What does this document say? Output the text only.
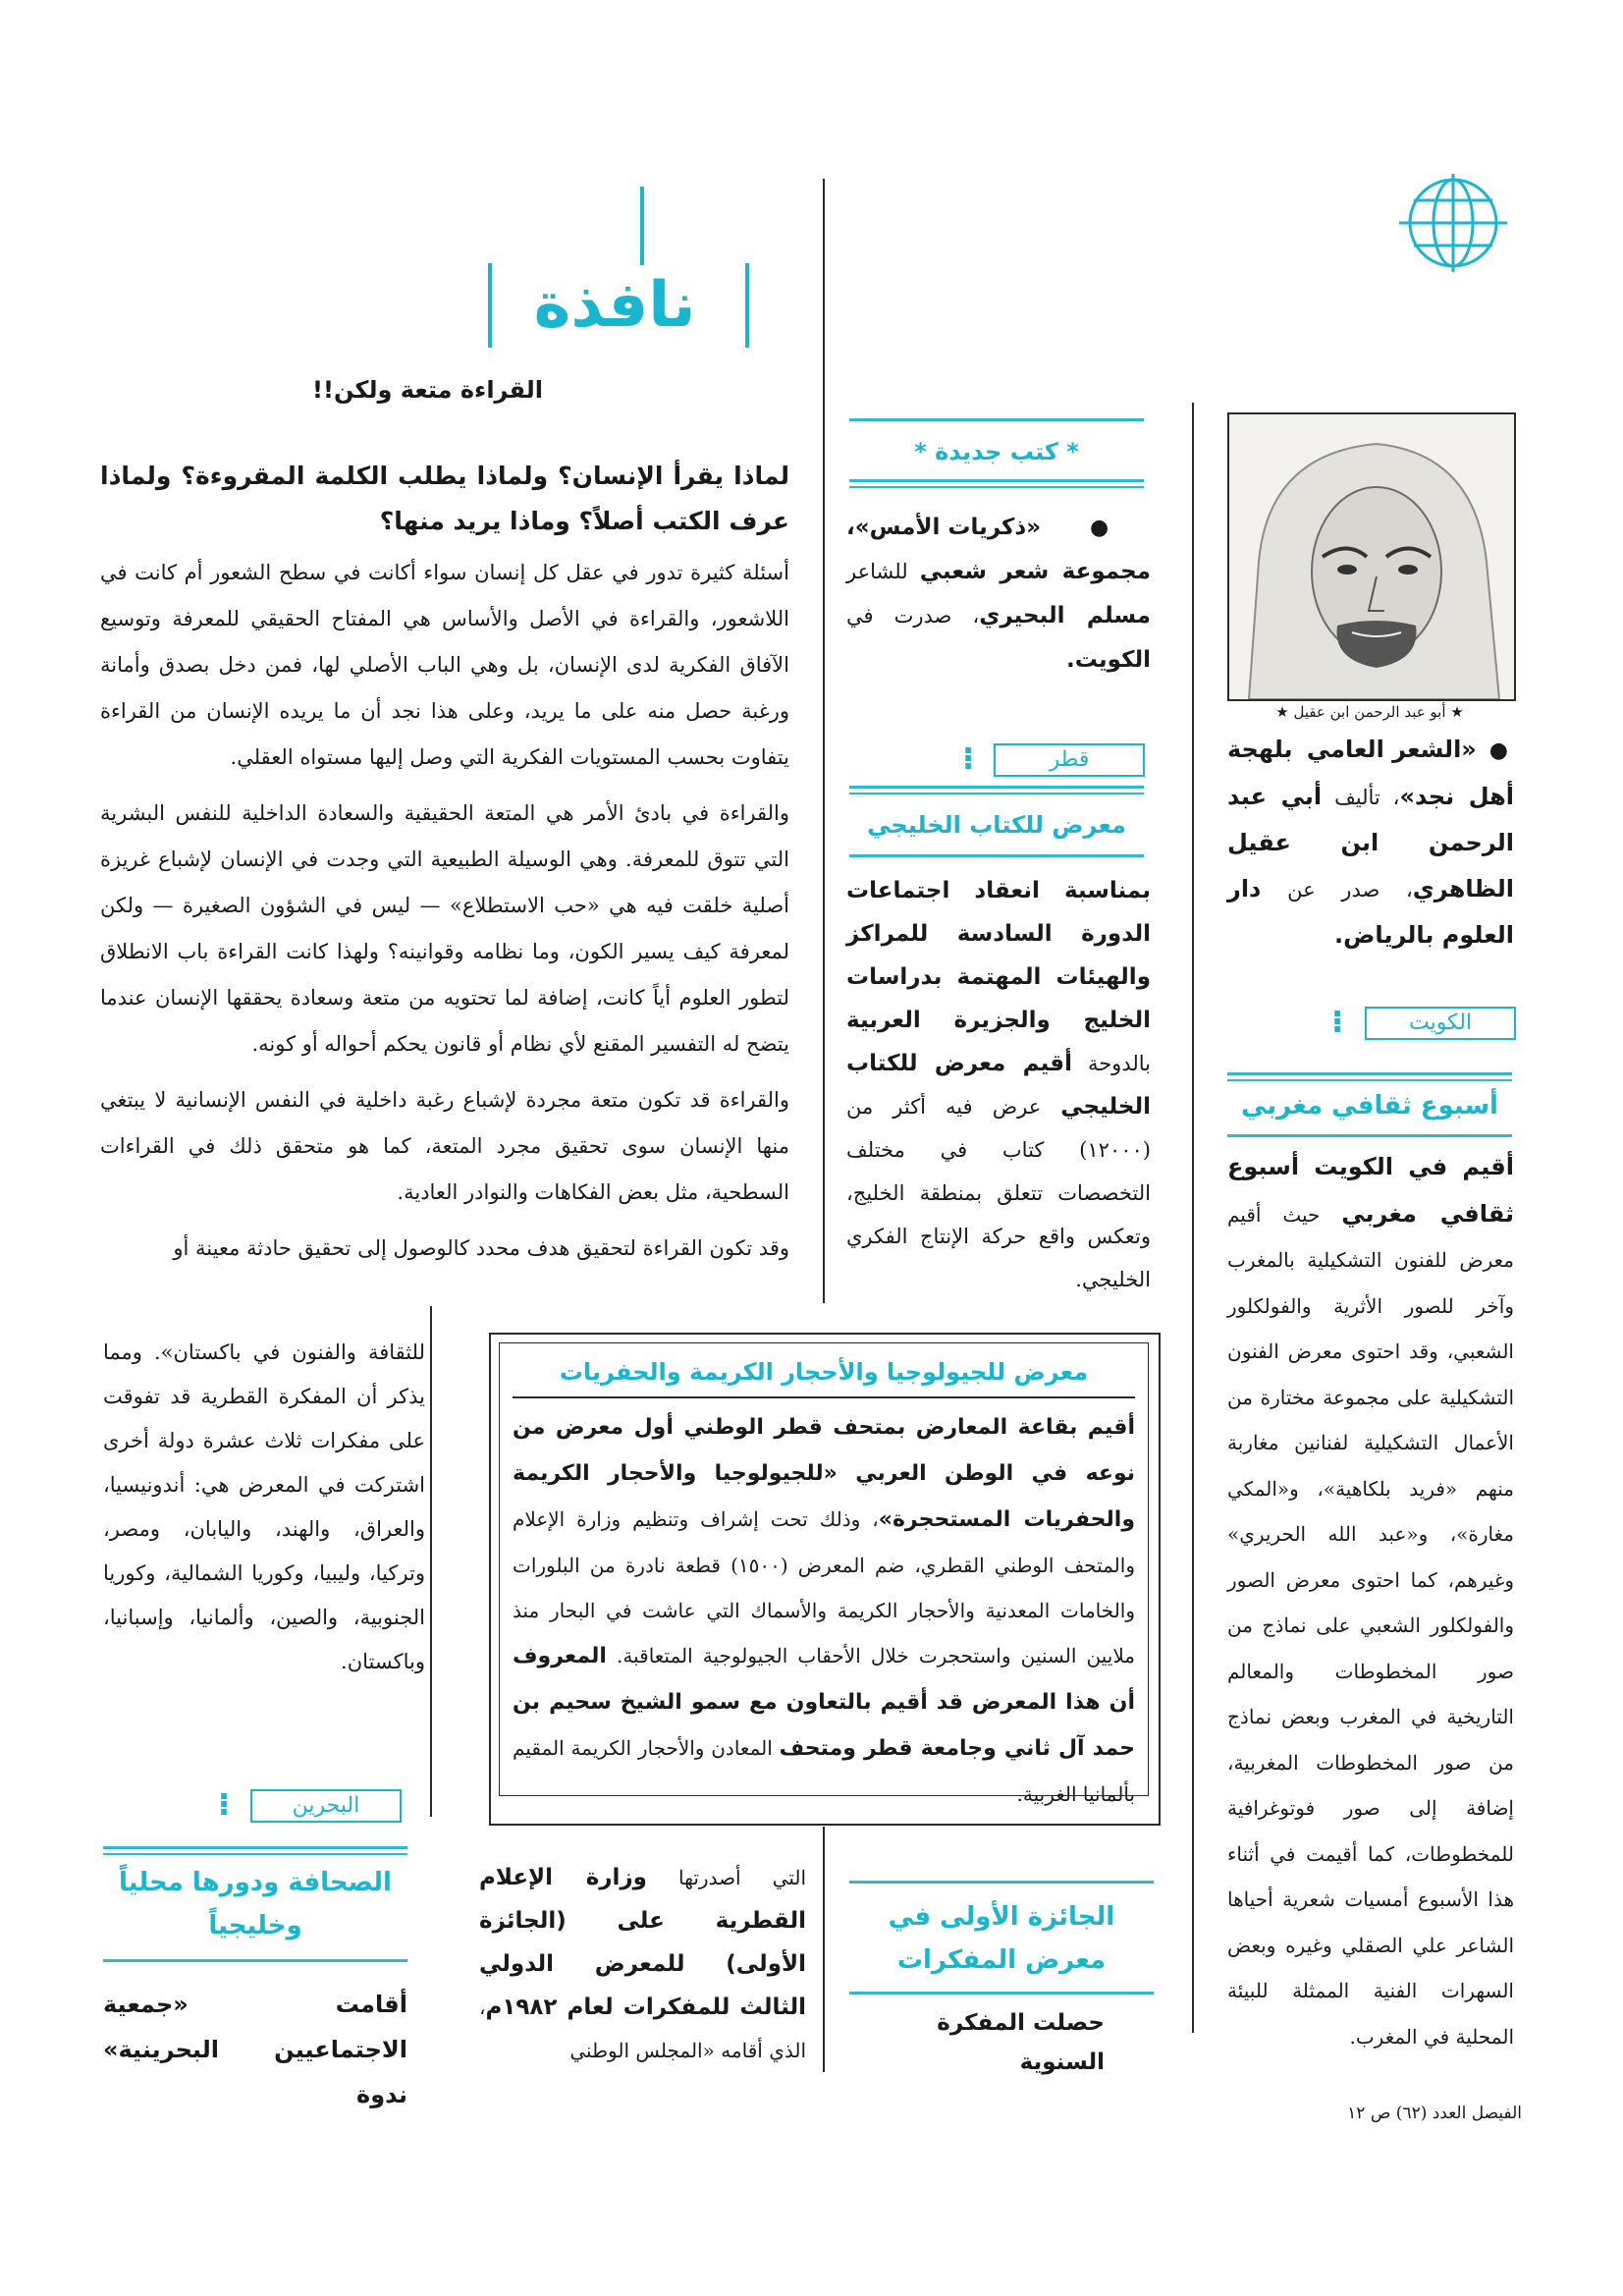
نافذة
القراءة متعة ولكن!!

لماذا يقرأ الإنسان؟ ولماذا يطلب الكلمة المقروءة؟ ولماذا عرف الكتب أصلاً؟ وماذا يريد منها؟

أسئلة كثيرة تدور في عقل كل إنسان سواء أكانت في سطح الشعور أم كانت في اللاشعور، والقراءة في الأصل والأساس هي المفتاح الحقيقي للمعرفة وتوسيع الآفاق الفكرية لدى الإنسان، بل وهي الباب الأصلي لها، فمن دخل بصدق وأمانة ورغبة حصل منه على ما يريد، وعلى هذا نجد أن ما يريده الإنسان من القراءة يتفاوت بحسب المستويات الفكرية التي وصل إليها مستواه العقلي.

والقراءة في بادئ الأمر هي المتعة الحقيقية والسعادة الداخلية للنفس البشرية التي تتوق للمعرفة. وهي الوسيلة الطبيعية التي وجدت في الإنسان لإشباع غريزة أصلية خلقت فيه هي «حب الاستطلاع» — ليس في الشؤون الصغيرة — ولكن لمعرفة كيف يسير الكون، وما نظامه وقوانينه؟ ولهذا كانت القراءة باب الانطلاق لتطور العلوم أياً كانت، إضافة لما تحتويه من متعة وسعادة يحققها الإنسان عندما يتضح له التفسير المقنع لأي نظام أو قانون يحكم أحواله أو كونه.

والقراءة قد تكون متعة مجردة لإشباع رغبة داخلية في النفس الإنسانية لا يبتغي منها الإنسان سوى تحقيق مجرد المتعة، كما هو متحقق ذلك في القراءات السطحية، مثل بعض الفكاهات والنوادر العادية.

وقد تكون القراءة لتحقيق هدف محدد كالوصول إلى تحقيق حادثة معينة أو

للثقافة والفنون في باكستان». ومما يذكر أن المفكرة القطرية قد تفوقت على مفكرات ثلاث عشرة دولة أخرى اشتركت في المعرض هي: أندونيسيا، والعراق، والهند، واليابان، ومصر، وتركيا، وليبيا، وكوريا الشمالية، وكوريا الجنوبية، والصين، وألمانيا، وإسبانيا، وباكستان.

معرض للجيولوجيا والأحجار الكريمة والحفريات

أقيم بقاعة المعارض بمتحف قطر الوطني أول معرض من نوعه في الوطن العربي «للجيولوجيا والأحجار الكريمة والحفريات المستحجرة»، وذلك تحت إشراف وتنظيم وزارة الإعلام والمتحف الوطني القطري، ضم المعرض (١٥٠٠) قطعة نادرة من البلورات والخامات المعدنية والأحجار الكريمة والأسماك التي عاشت في البحار منذ ملايين السنين واستحجرت خلال الأحقاب الجيولوجية المتعاقبة. المعروف أن هذا المعرض قد أقيم بالتعاون مع سمو الشيخ سحيم بن حمد آل ثاني وجامعة قطر ومتحف المعادن والأحجار الكريمة المقيم بألمانيا الغربية.

* كتب جديدة *

● «ذكريات الأمس»، مجموعة شعر شعبي للشاعر مسلم البحيري، صدرت في الكويت.

قطر
⁝
معرض للكتاب الخليجي

بمناسبة انعقاد اجتماعات الدورة السادسة للمراكز والهيئات المهتمة بدراسات الخليج والجزيرة العربية بالدوحة أقيم معرض للكتاب الخليجي عرض فيه أكثر من (١٢٠٠٠) كتاب في مختلف التخصصات تتعلق بمنطقة الخليج، وتعكس واقع حركة الإنتاج الفكري الخليجي.

★ أبو عبد الرحمن ابن عقيل ★

● «الشعر العامي بلهجة أهل نجد»، تأليف أبي عبد الرحمن ابن عقيل الظاهري، صدر عن دار العلوم بالرياض.

الكويت
⁝
أسبوع ثقافي مغربي

أقيم في الكويت أسبوع ثقافي مغربي حيث أقيم معرض للفنون التشكيلية بالمغرب وآخر للصور الأثرية والفولكلور الشعبي، وقد احتوى معرض الفنون التشكيلية على مجموعة مختارة من الأعمال التشكيلية لفنانين مغاربة منهم «فريد بلكاهية»، و«المكي مغارة»، و«عبد الله الحريري» وغيرهم، كما احتوى معرض الصور والفولكلور الشعبي على نماذج من صور المخطوطات والمعالم التاريخية في المغرب وبعض نماذج من صور المخطوطات المغربية، إضافة إلى صور فوتوغرافية للمخطوطات، كما أقيمت في أثناء هذا الأسبوع أمسيات شعرية أحياها الشاعر علي الصقلي وغيره وبعض السهرات الفنية الممثلة للبيئة المحلية في المغرب.

البحرين
⁝
الصحافة ودورها محلياً وخليجياً
أقامت «جمعية الاجتماعيين البحرينية» ندوة

التي أصدرتها وزارة الإعلام القطرية على (الجائزة الأولى) للمعرض الدولي الثالث للمفكرات لعام ١٩٨٢م، الذي أقامه «المجلس الوطني

الجائزة الأولى في معرض المفكرات
حصلت المفكرة السنوية
الفيصل العدد (٦٢) ص ١٢
